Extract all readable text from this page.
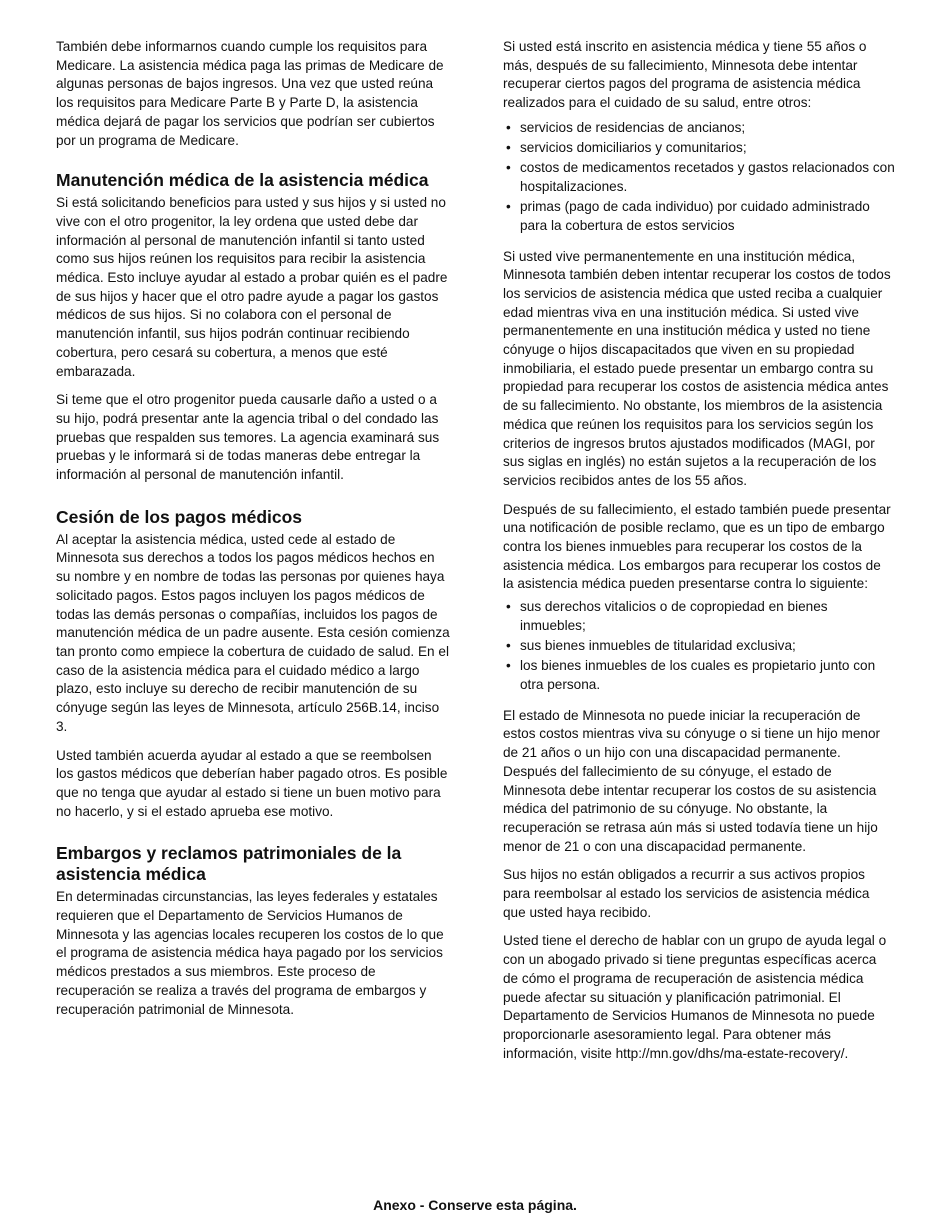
También debe informarnos cuando cumple los requisitos para Medicare. La asistencia médica paga las primas de Medicare de algunas personas de bajos ingresos. Una vez que usted reúna los requisitos para Medicare Parte B y Parte D, la asistencia médica dejará de pagar los servicios que podrían ser cubiertos por un programa de Medicare.

Manutención médica de la asistencia médica

Si está solicitando beneficios para usted y sus hijos y si usted no vive con el otro progenitor, la ley ordena que usted debe dar información al personal de manutención infantil si tanto usted como sus hijos reúnen los requisitos para recibir la asistencia médica. Esto incluye ayudar al estado a probar quién es el padre de sus hijos y hacer que el otro padre ayude a pagar los gastos médicos de sus hijos. Si no colabora con el personal de manutención infantil, sus hijos podrán continuar recibiendo cobertura, pero cesará su cobertura, a menos que esté embarazada.

Si teme que el otro progenitor pueda causarle daño a usted o a su hijo, podrá presentar ante la agencia tribal o del condado las pruebas que respalden sus temores. La agencia examinará sus pruebas y le informará si de todas maneras debe entregar la información al personal de manutención infantil.

Cesión de los pagos médicos

Al aceptar la asistencia médica, usted cede al estado de Minnesota sus derechos a todos los pagos médicos hechos en su nombre y en nombre de todas las personas por quienes haya solicitado pagos. Estos pagos incluyen los pagos médicos de todas las demás personas o compañías, incluidos los pagos de manutención médica de un padre ausente. Esta cesión comienza tan pronto como empiece la cobertura de cuidado de salud. En el caso de la asistencia médica para el cuidado médico a largo plazo, esto incluye su derecho de recibir manutención de su cónyuge según las leyes de Minnesota, artículo 256B.14, inciso 3.

Usted también acuerda ayudar al estado a que se reembolsen los gastos médicos que deberían haber pagado otros. Es posible que no tenga que ayudar al estado si tiene un buen motivo para no hacerlo, y si el estado aprueba ese motivo.

Embargos y reclamos patrimoniales de la asistencia médica

En determinadas circunstancias, las leyes federales y estatales requieren que el Departamento de Servicios Humanos de Minnesota y las agencias locales recuperen los costos de lo que el programa de asistencia médica haya pagado por los servicios médicos prestados a sus miembros. Este proceso de recuperación se realiza a través del programa de embargos y recuperación patrimonial de Minnesota.

Si usted está inscrito en asistencia médica y tiene 55 años o más, después de su fallecimiento, Minnesota debe intentar recuperar ciertos pagos del programa de asistencia médica realizados para el cuidado de su salud, entre otros:

• servicios de residencias de ancianos;
• servicios domiciliarios y comunitarios;
• costos de medicamentos recetados y gastos relacionados con hospitalizaciones.
• primas (pago de cada individuo) por cuidado administrado para la cobertura de estos servicios

Si usted vive permanentemente en una institución médica, Minnesota también deben intentar recuperar los costos de todos los servicios de asistencia médica que usted reciba a cualquier edad mientras viva en una institución médica. Si usted vive permanentemente en una institución médica y usted no tiene cónyuge o hijos discapacitados que viven en su propiedad inmobiliaria, el estado puede presentar un embargo contra su propiedad para recuperar los costos de asistencia médica antes de su fallecimiento. No obstante, los miembros de la asistencia médica que reúnen los requisitos para los servicios según los criterios de ingresos brutos ajustados modificados (MAGI, por sus siglas en inglés) no están sujetos a la recuperación de los servicios recibidos antes de los 55 años.

Después de su fallecimiento, el estado también puede presentar una notificación de posible reclamo, que es un tipo de embargo contra los bienes inmuebles para recuperar los costos de la asistencia médica. Los embargos para recuperar los costos de la asistencia médica pueden presentarse contra lo siguiente:

• sus derechos vitalicios o de copropiedad en bienes inmuebles;
• sus bienes inmuebles de titularidad exclusiva;
• los bienes inmuebles de los cuales es propietario junto con otra persona.

El estado de Minnesota no puede iniciar la recuperación de estos costos mientras viva su cónyuge o si tiene un hijo menor de 21 años o un hijo con una discapacidad permanente. Después del fallecimiento de su cónyuge, el estado de Minnesota debe intentar recuperar los costos de su asistencia médica del patrimonio de su cónyuge. No obstante, la recuperación se retrasa aún más si usted todavía tiene un hijo menor de 21 o con una discapacidad permanente.

Sus hijos no están obligados a recurrir a sus activos propios para reembolsar al estado los servicios de asistencia médica que usted haya recibido.

Usted tiene el derecho de hablar con un grupo de ayuda legal o con un abogado privado si tiene preguntas específicas acerca de cómo el programa de recuperación de asistencia médica puede afectar su situación y planificación patrimonial. El Departamento de Servicios Humanos de Minnesota no puede proporcionarle asesoramiento legal. Para obtener más información, visite http://mn.gov/dhs/ma-estate-recovery/.

Anexo - Conserve esta página.
